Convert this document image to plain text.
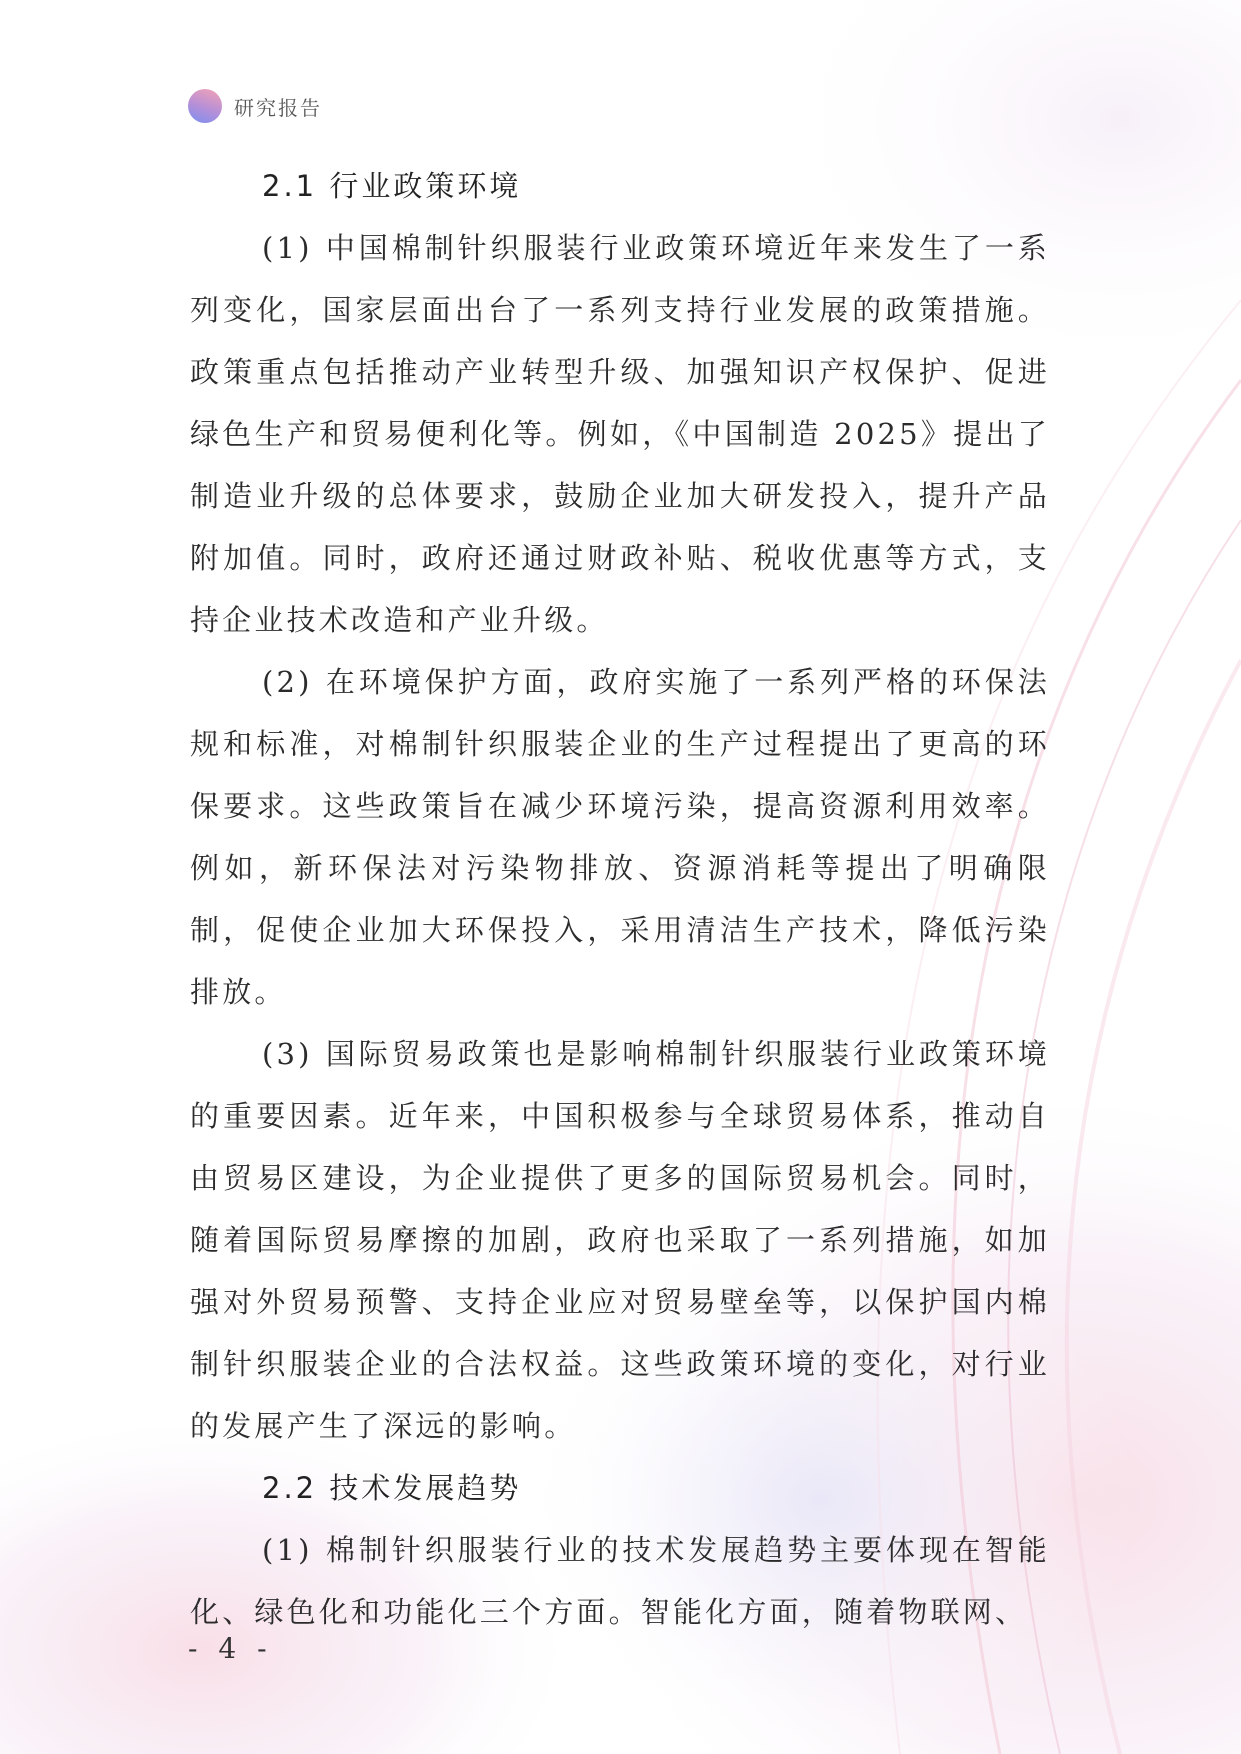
研究报告
2.1 行业政策环境

(1) 中国棉制针织服装行业政策环境近年来发生了一系列变化，国家层面出台了一系列支持行业发展的政策措施。政策重点包括推动产业转型升级、加强知识产权保护、促进绿色生产和贸易便利化等。例如，《中国制造 2025》提出了制造业升级的总体要求，鼓励企业加大研发投入，提升产品附加值。同时，政府还通过财政补贴、税收优惠等方式，支持企业技术改造和产业升级。

(2) 在环境保护方面，政府实施了一系列严格的环保法规和标准，对棉制针织服装企业的生产过程提出了更高的环保要求。这些政策旨在减少环境污染，提高资源利用效率。例如，新环保法对污染物排放、资源消耗等提出了明确限制，促使企业加大环保投入，采用清洁生产技术，降低污染排放。

(3) 国际贸易政策也是影响棉制针织服装行业政策环境的重要因素。近年来，中国积极参与全球贸易体系，推动自由贸易区建设，为企业提供了更多的国际贸易机会。同时，随着国际贸易摩擦的加剧，政府也采取了一系列措施，如加强对外贸易预警、支持企业应对贸易壁垒等，以保护国内棉制针织服装企业的合法权益。这些政策环境的变化，对行业的发展产生了深远的影响。

2.2 技术发展趋势

(1) 棉制针织服装行业的技术发展趋势主要体现在智能化、绿色化和功能化三个方面。智能化方面，随着物联网、

- 4 -
